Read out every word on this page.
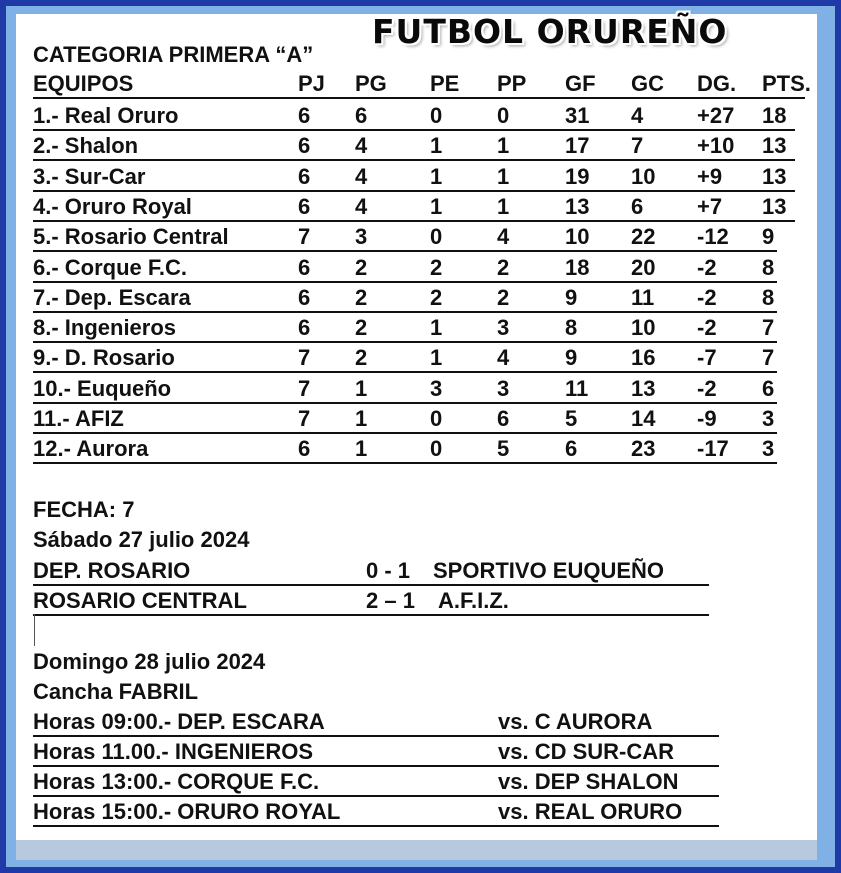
FUTBOL ORUREÑO
CATEGORIA PRIMERA “A”
EQUIPOS	PJ PG PE PP GF GC DG. PTS.
1.- Real Oruro	6 6	0 0	31 4 +27 18
2.- Shalon	6 4	1 1	17 7 +10 13
3.- Sur-Car	6 4	1 1	19 10 +9 13
4.- Oruro Royal	6 4	1 1	13 6 +7 13
5.- Rosario Central	7 3	0 4	10 22 -12 9
6.- Corque F.C.	6 2	2 2	18 20 -2 8
7.- Dep. Escara	6 2	2 2	9 11 -2 8
8.- Ingenieros	6 2	1 3	8 10 -2 7
9.- D. Rosario	7 2	1 4	9 16 -7 7
10.- Euqueño	7 1	3 3	11 13 -2 6
11.- AFIZ	7 1	0 6	5 14 -9 3
12.- Aurora	6 1	0 5	6 23 -17 3
FECHA: 7
Sábado 27 julio 2024
DEP. ROSARIO	0 - 1 SPORTIVO EUQUEÑO
ROSARIO CENTRAL	2 – 1 A.F.I.Z.
Domingo 28 julio 2024
Cancha FABRIL
Horas 09:00.- DEP. ESCARA	vs. C AURORA
Horas 11.00.- INGENIEROS	vs. CD SUR-CAR
Horas 13:00.- CORQUE F.C.	vs. DEP SHALON
Horas 15:00.- ORURO ROYAL	vs. REAL ORURO
